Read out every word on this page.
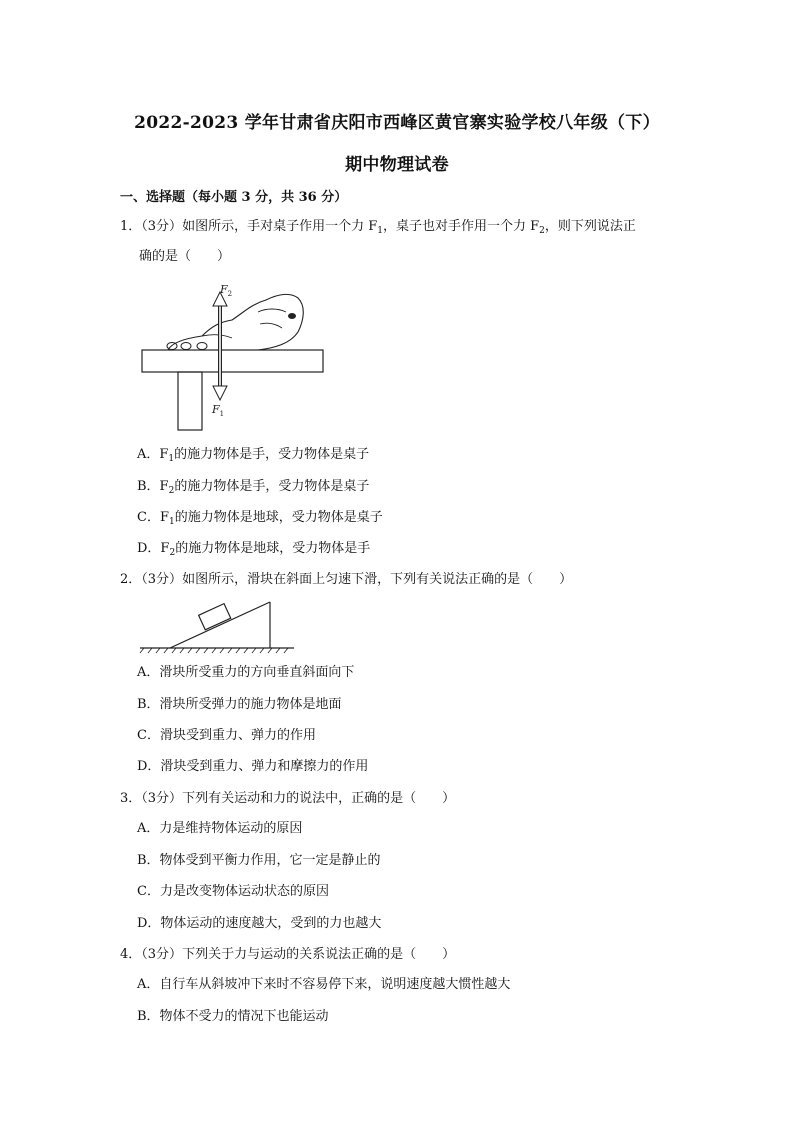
2022-2023 学年甘肃省庆阳市西峰区黄官寨实验学校八年级（下）
期中物理试卷
一、选择题（每小题 3 分，共 36 分）
1．（3分）如图所示，手对桌子作用一个力 $F_1$，桌子也对手作用一个力 $F_2$，则下列说法正
确的是（　　）
$F_2$
$F_1$
A．$F_1$的施力物体是手，受力物体是桌子
B．$F_2$的施力物体是手，受力物体是桌子
C．$F_1$的施力物体是地球，受力物体是桌子
D．$F_2$的施力物体是地球，受力物体是手
2．（3分）如图所示，滑块在斜面上匀速下滑，下列有关说法正确的是（　　）
A．滑块所受重力的方向垂直斜面向下
B．滑块所受弹力的施力物体是地面
C．滑块受到重力、弹力的作用
D．滑块受到重力、弹力和摩擦力的作用
3．（3分）下列有关运动和力的说法中，正确的是（　　）
A．力是维持物体运动的原因
B．物体受到平衡力作用，它一定是静止的
C．力是改变物体运动状态的原因
D．物体运动的速度越大，受到的力也越大
4．（3分）下列关于力与运动的关系说法正确的是（　　）
A．自行车从斜坡冲下来时不容易停下来，说明速度越大惯性越大
B．物体不受力的情况下也能运动
